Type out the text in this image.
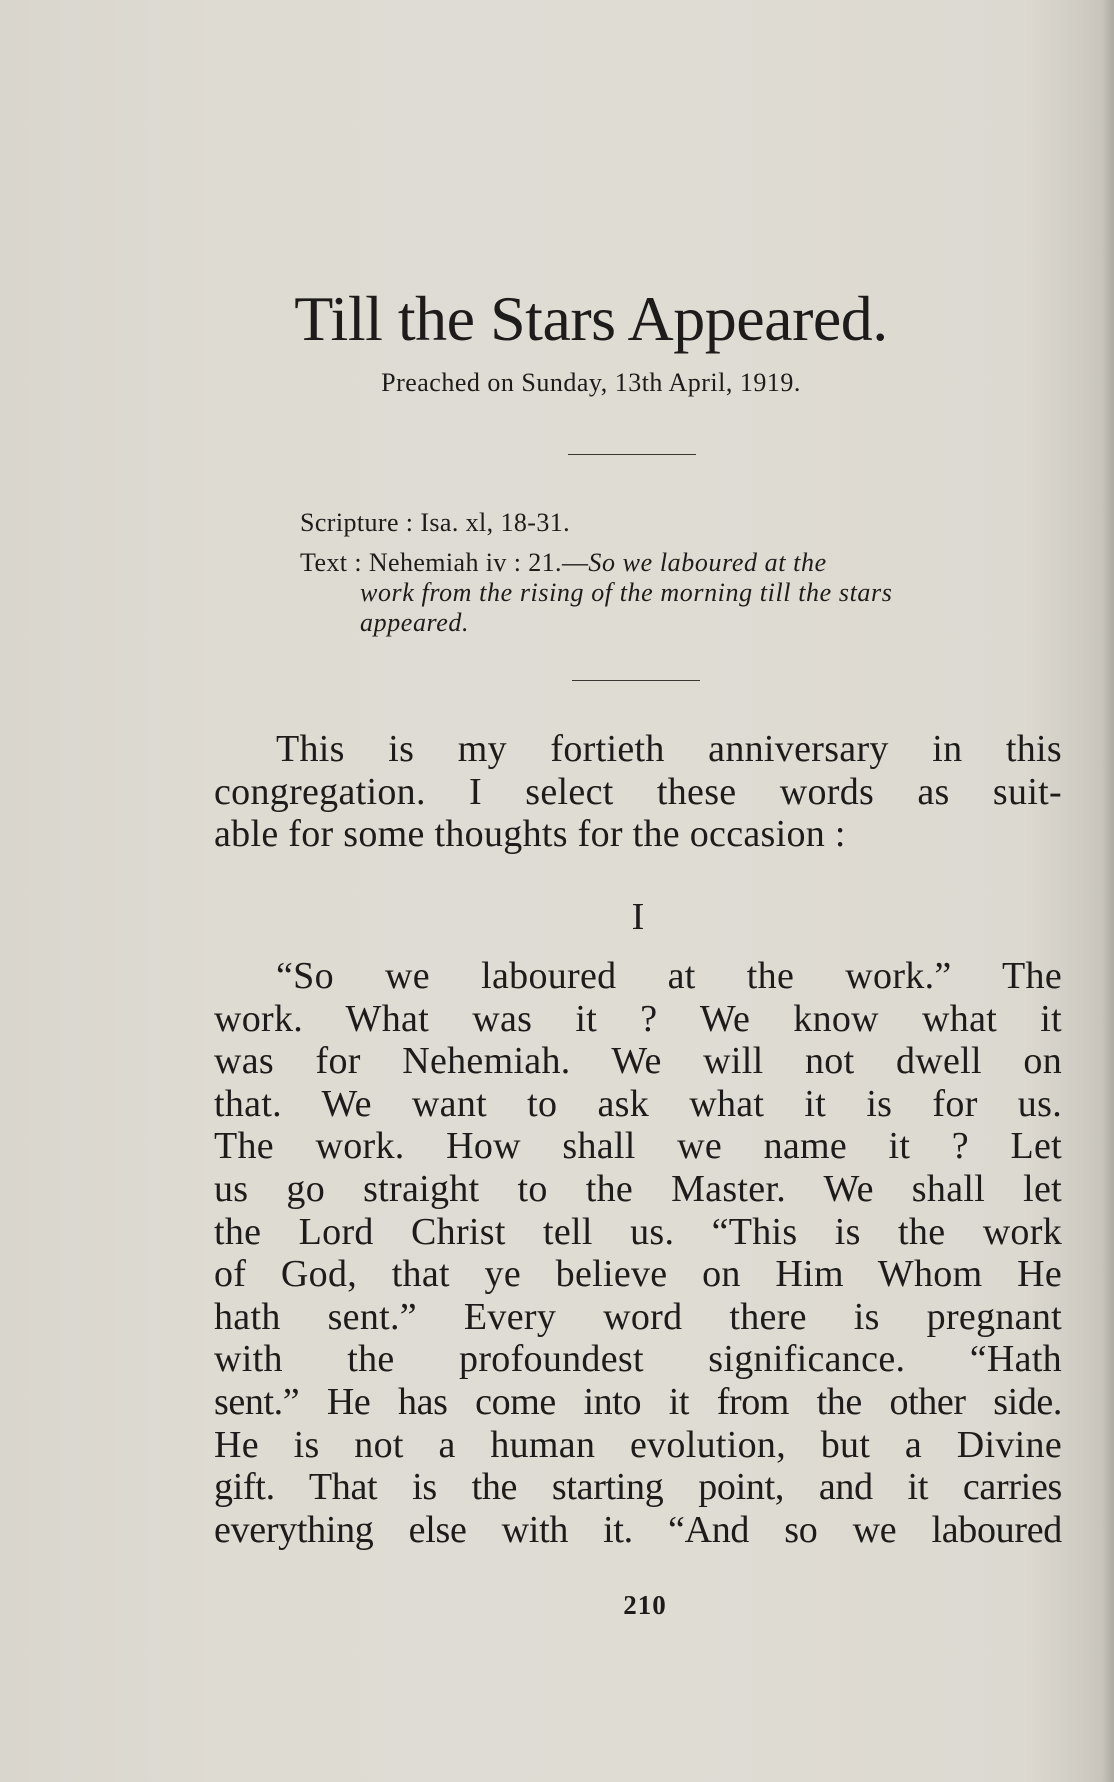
Till the Stars Appeared.
Preached on Sunday, 13th April, 1919.
Scripture : Isa. xl, 18-31.
Text : Nehemiah iv : 21.—So we laboured at the
work from the rising of the morning till the stars
appeared.
This is my fortieth anniversary in this
congregation. I select these words as suit-
able for some thoughts for the occasion :
I
“So we laboured at the work.” The
work. What was it ? We know what it
was for Nehemiah. We will not dwell on
that. We want to ask what it is for us.
The work. How shall we name it ? Let
us go straight to the Master. We shall let
the Lord Christ tell us. “This is the work
of God, that ye believe on Him Whom He
hath sent.” Every word there is pregnant
with the profoundest significance. “Hath
sent.” He has come into it from the other side.
He is not a human evolution, but a Divine
gift. That is the starting point, and it carries
everything else with it. “And so we laboured
210
